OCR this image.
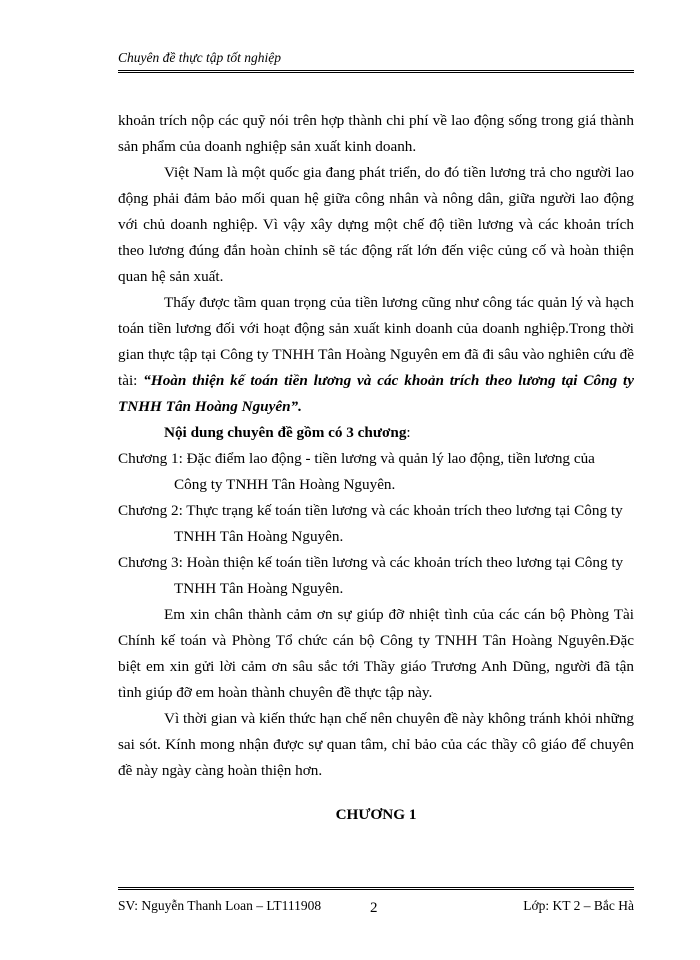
Chuyên đề thực tập tốt nghiệp

khoản trích nộp các quỹ nói trên hợp thành chi phí về lao động sống trong giá thành sản phẩm của doanh nghiệp sản xuất kinh doanh.

Việt Nam là một quốc gia đang phát triển, do đó tiền lương trả cho người lao động phải đảm bảo mối quan hệ giữa công nhân và nông dân, giữa người lao động với chủ doanh nghiệp. Vì vậy xây dựng một chế độ tiền lương và các khoản trích theo lương đúng đắn hoàn chỉnh sẽ tác động rất lớn đến việc củng cố và hoàn thiện quan hệ sản xuất.

Thấy được tầm quan trọng của tiền lương cũng như công tác quản lý và hạch toán tiền lương đối với hoạt động sản xuất kinh doanh của doanh nghiệp.Trong thời gian thực tập tại Công ty TNHH Tân Hoàng Nguyên em đã đi sâu vào nghiên cứu đề tài: “Hoàn thiện kế toán tiền lương và các khoản trích theo lương tại Công ty TNHH Tân Hoàng Nguyên”.

Nội dung chuyên đề gồm có 3 chương:

Chương 1: Đặc điểm lao động - tiền lương và quản lý lao động, tiền lương của
Công ty TNHH Tân Hoàng Nguyên.

Chương 2: Thực trạng kế toán tiền lương và các khoản trích theo lương tại Công ty
TNHH Tân Hoàng Nguyên.

Chương 3: Hoàn thiện kế toán tiền lương và các khoản trích theo lương tại Công ty
TNHH Tân Hoàng Nguyên.

Em xin chân thành cảm ơn sự giúp đỡ nhiệt tình của các cán bộ Phòng Tài Chính kế toán và Phòng Tổ chức cán bộ Công ty TNHH Tân Hoàng Nguyên.Đặc biệt em xin gửi lời cảm ơn sâu sắc tới Thầy giáo Trương Anh Dũng, người đã tận tình giúp đỡ em hoàn thành chuyên đề thực tập này.

Vì thời gian và kiến thức hạn chế nên chuyên đề này không tránh khỏi những sai sót. Kính mong nhận được sự quan tâm, chỉ bảo của các thầy cô giáo để chuyên đề này ngày càng hoàn thiện hơn.

CHƯƠNG 1
SV: Nguyễn Thanh Loan – LT111908	2	Lớp: KT 2 – Bắc Hà
